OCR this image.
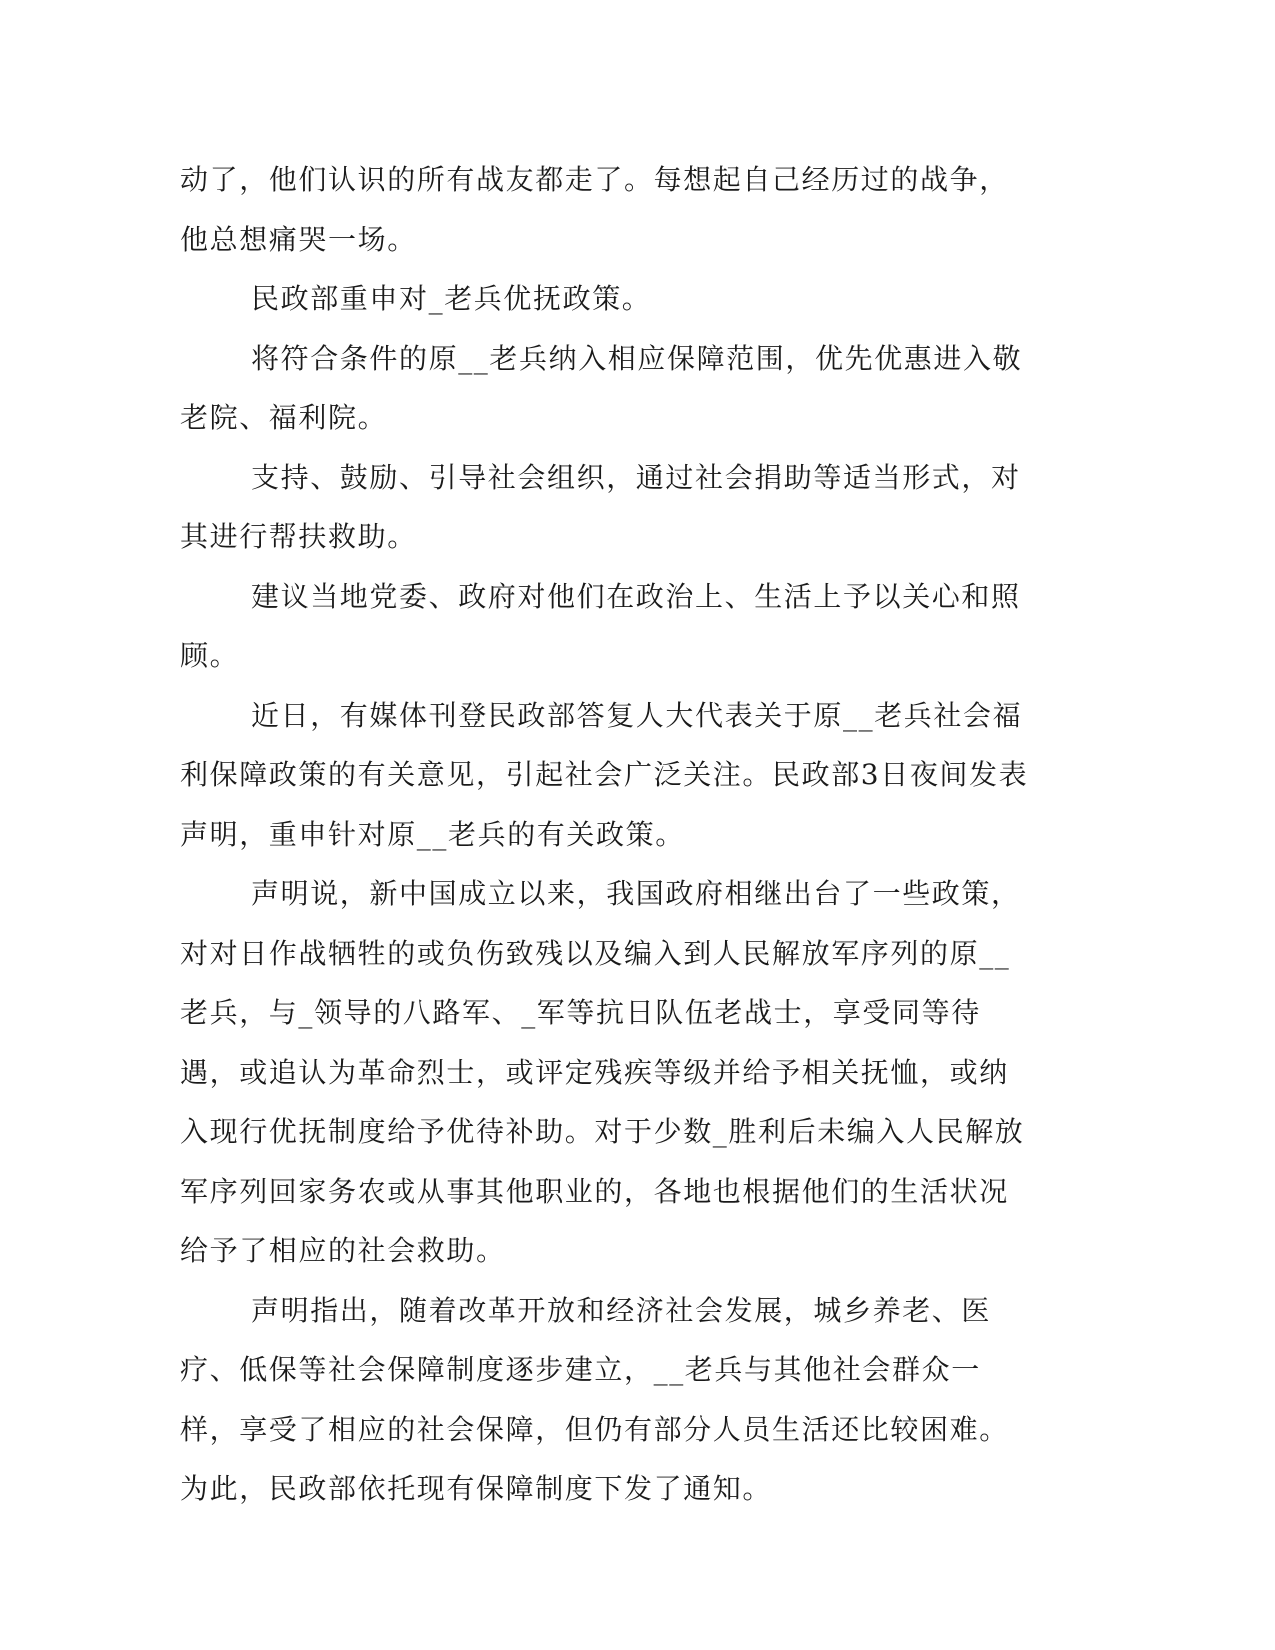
动了，他们认识的所有战友都走了。每想起自己经历过的战争，他总想痛哭一场。

民政部重申对_老兵优抚政策。

将符合条件的原__老兵纳入相应保障范围，优先优惠进入敬老院、福利院。

支持、鼓励、引导社会组织，通过社会捐助等适当形式，对其进行帮扶救助。

建议当地党委、政府对他们在政治上、生活上予以关心和照顾。

近日，有媒体刊登民政部答复人大代表关于原__老兵社会福利保障政策的有关意见，引起社会广泛关注。民政部3日夜间发表声明，重申针对原__老兵的有关政策。

声明说，新中国成立以来，我国政府相继出台了一些政策，对对日作战牺牲的或负伤致残以及编入到人民解放军序列的原__老兵，与_领导的八路军、_军等抗日队伍老战士，享受同等待遇，或追认为革命烈士，或评定残疾等级并给予相关抚恤，或纳入现行优抚制度给予优待补助。对于少数_胜利后未编入人民解放军序列回家务农或从事其他职业的，各地也根据他们的生活状况给予了相应的社会救助。

声明指出，随着改革开放和经济社会发展，城乡养老、医疗、低保等社会保障制度逐步建立，__老兵与其他社会群众一样，享受了相应的社会保障，但仍有部分人员生活还比较困难。为此，民政部依托现有保障制度下发了通知。
